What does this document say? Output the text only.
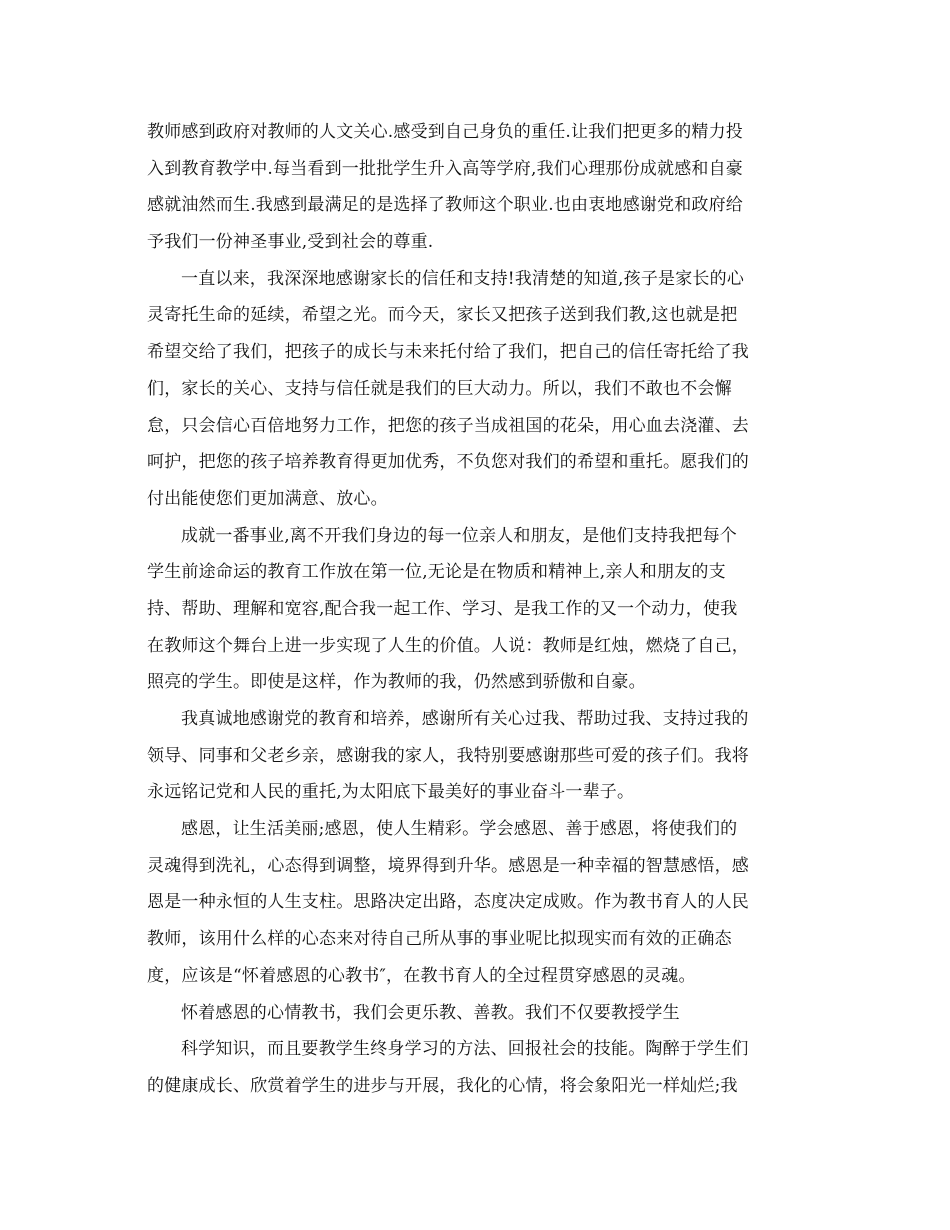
教师感到政府对教师的人文关心.感受到自己身负的重任.让我们把更多的精力投
入到教育教学中.每当看到一批批学生升入高等学府,我们心理那份成就感和自豪
感就油然而生.我感到最满足的是选择了教师这个职业.也由衷地感谢党和政府给
予我们一份神圣事业,受到社会的尊重.
一直以来，我深深地感谢家长的信任和支持!我清楚的知道,孩子是家长的心
灵寄托生命的延续，希望之光。而今天，家长又把孩子送到我们教,这也就是把
希望交给了我们，把孩子的成长与未来托付给了我们，把自己的信任寄托给了我
们，家长的关心、支持与信任就是我们的巨大动力。所以，我们不敢也不会懈
怠，只会信心百倍地努力工作，把您的孩子当成祖国的花朵，用心血去浇灌、去
呵护，把您的孩子培养教育得更加优秀，不负您对我们的希望和重托。愿我们的
付出能使您们更加满意、放心。
成就一番事业,离不开我们身边的每一位亲人和朋友，是他们支持我把每个
学生前途命运的教育工作放在第一位,无论是在物质和精神上,亲人和朋友的支
持、帮助、理解和宽容,配合我一起工作、学习、是我工作的又一个动力，使我
在教师这个舞台上进一步实现了人生的价值。人说：教师是红烛，燃烧了自己，
照亮的学生。即使是这样，作为教师的我，仍然感到骄傲和自豪。
我真诚地感谢党的教育和培养，感谢所有关心过我、帮助过我、支持过我的
领导、同事和父老乡亲，感谢我的家人，我特别要感谢那些可爱的孩子们。我将
永远铭记党和人民的重托,为太阳底下最美好的事业奋斗一辈子。
感恩，让生活美丽;感恩，使人生精彩。学会感恩、善于感恩，将使我们的
灵魂得到洗礼，心态得到调整，境界得到升华。感恩是一种幸福的智慧感悟，感
恩是一种永恒的人生支柱。思路决定出路，态度决定成败。作为教书育人的人民
教师，该用什么样的心态来对待自己所从事的事业呢比拟现实而有效的正确态
度，应该是“怀着感恩的心教书″，在教书育人的全过程贯穿感恩的灵魂。
怀着感恩的心情教书，我们会更乐教、善教。我们不仅要教授学生
科学知识，而且要教学生终身学习的方法、回报社会的技能。陶醉于学生们
的健康成长、欣赏着学生的进步与开展，我化的心情，将会象阳光一样灿烂;我
